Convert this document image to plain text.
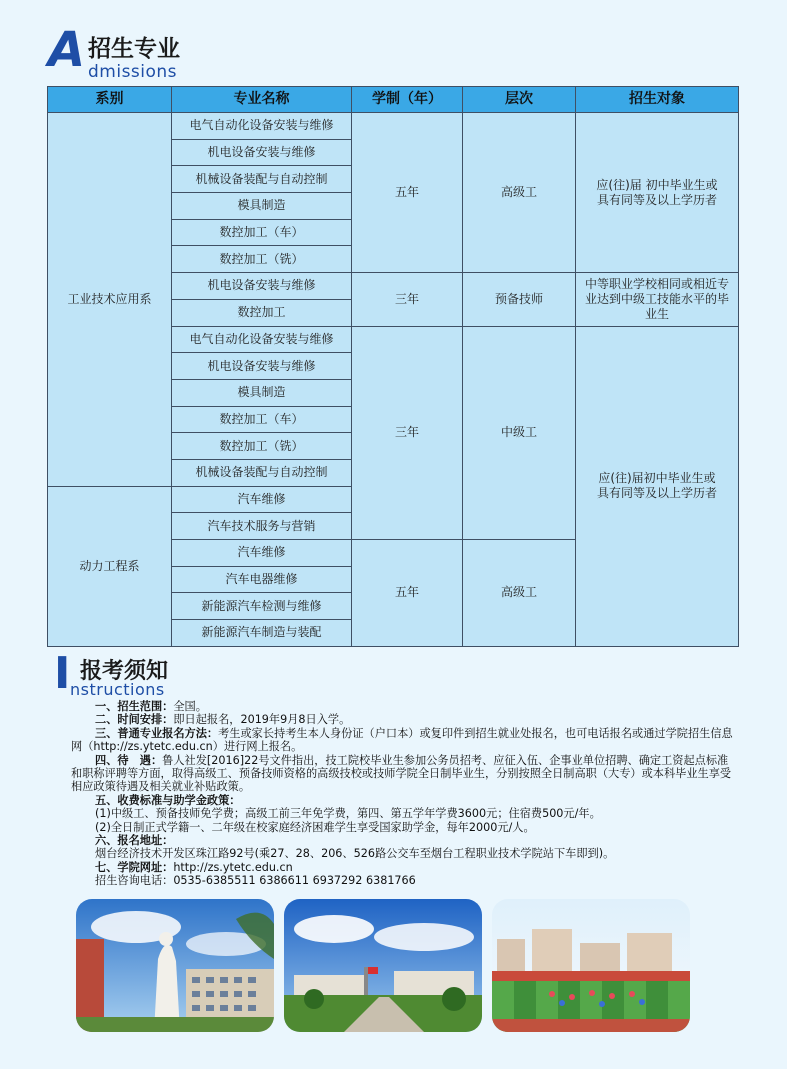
A 招生专业
dmissions
系别	专业名称	学制（年）	层次	招生对象
工业技术应用系	电气自动化设备安装与维修	五年	高级工	应(往)届 初中毕业生或具有同等及以上学历者
	机电设备安装与维修			
	机械设备装配与自动控制			
	模具制造			
	数控加工（车）			
	数控加工（铣）			
	机电设备安装与维修	三年	预备技师	中等职业学校相同或相近专业达到中级工技能水平的毕业生
	数控加工			
	电气自动化设备安装与维修	三年	中级工	应(往)届初中毕业生或具有同等及以上学历者
	机电设备安装与维修			
	模具制造			
	数控加工（车）			
	数控加工（铣）			
	机械设备装配与自动控制			
动力工程系	汽车维修			
	汽车技术服务与营销			
	汽车维修	五年	高级工	
	汽车电器维修			
	新能源汽车检测与维修			
	新能源汽车制造与装配			
I 报考须知
nstructions

一、招生范围：全国。

二、时间安排：即日起报名，2019年9月8日入学。

三、普通专业报名方法：考生或家长持考生本人身份证（户口本）或复印件到招生就业处报名，也可电话报名或通过学院招生信息网（http://zs.ytetc.edu.cn）进行网上报名。

四、待　遇：鲁人社发[2016]22号文件指出，技工院校毕业生参加公务员招考、应征入伍、企事业单位招聘、确定工资起点标准和职称评聘等方面，取得高级工、预备技师资格的高级技校或技师学院全日制毕业生，分别按照全日制高职（大专）或本科毕业生享受相应政策待遇及相关就业补贴政策。

五、收费标准与助学金政策：

(1)中级工、预备技师免学费；高级工前三年免学费，第四、第五学年学费3600元；住宿费500元/年。

(2)全日制正式学籍一、二年级在校家庭经济困难学生享受国家助学金，每年2000元/人。

六、报名地址：

烟台经济技术开发区珠江路92号(乘27、28、206、526路公交车至烟台工程职业技术学院站下车即到)。

七、学院网址：http://zs.ytetc.edu.cn

招生咨询电话：0535-6385511 6386611 6937292 6381766
